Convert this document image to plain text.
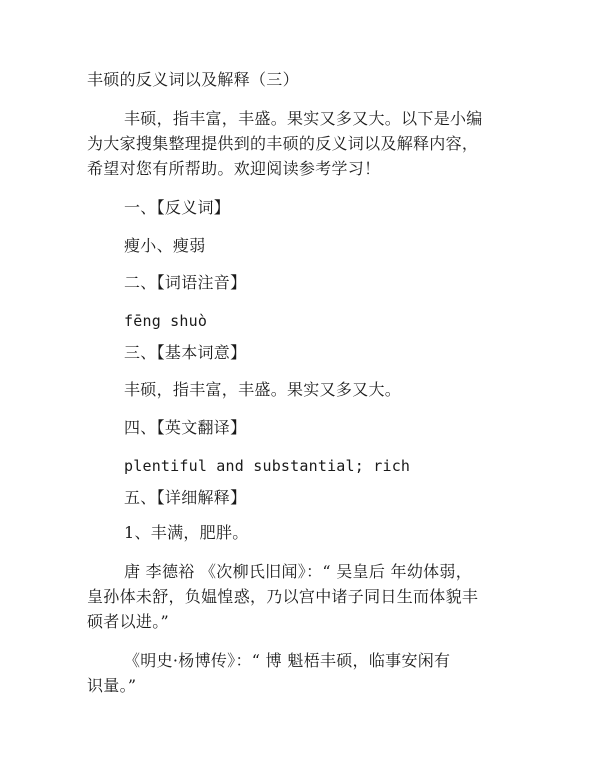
丰硕的反义词以及解释（三）
丰硕，指丰富，丰盛。果实又多又大。以下是小编
为大家搜集整理提供到的丰硕的反义词以及解释内容，
希望对您有所帮助。欢迎阅读参考学习！
一、【反义词】
瘦小、瘦弱
二、【词语注音】
fēng shuò
三、【基本词意】
丰硕，指丰富，丰盛。果实又多又大。
四、【英文翻译】
plentiful and substantial; rich
五、【详细解释】
1、丰满，肥胖。
唐 李德裕 《次柳氏旧闻》：“ 吴皇后 年幼体弱，
皇孙体未舒，负媪惶惑，乃以宫中诸子同日生而体貌丰
硕者以进。”
《明史·杨博传》：“ 博 魁梧丰硕，临事安闲有
识量。”
